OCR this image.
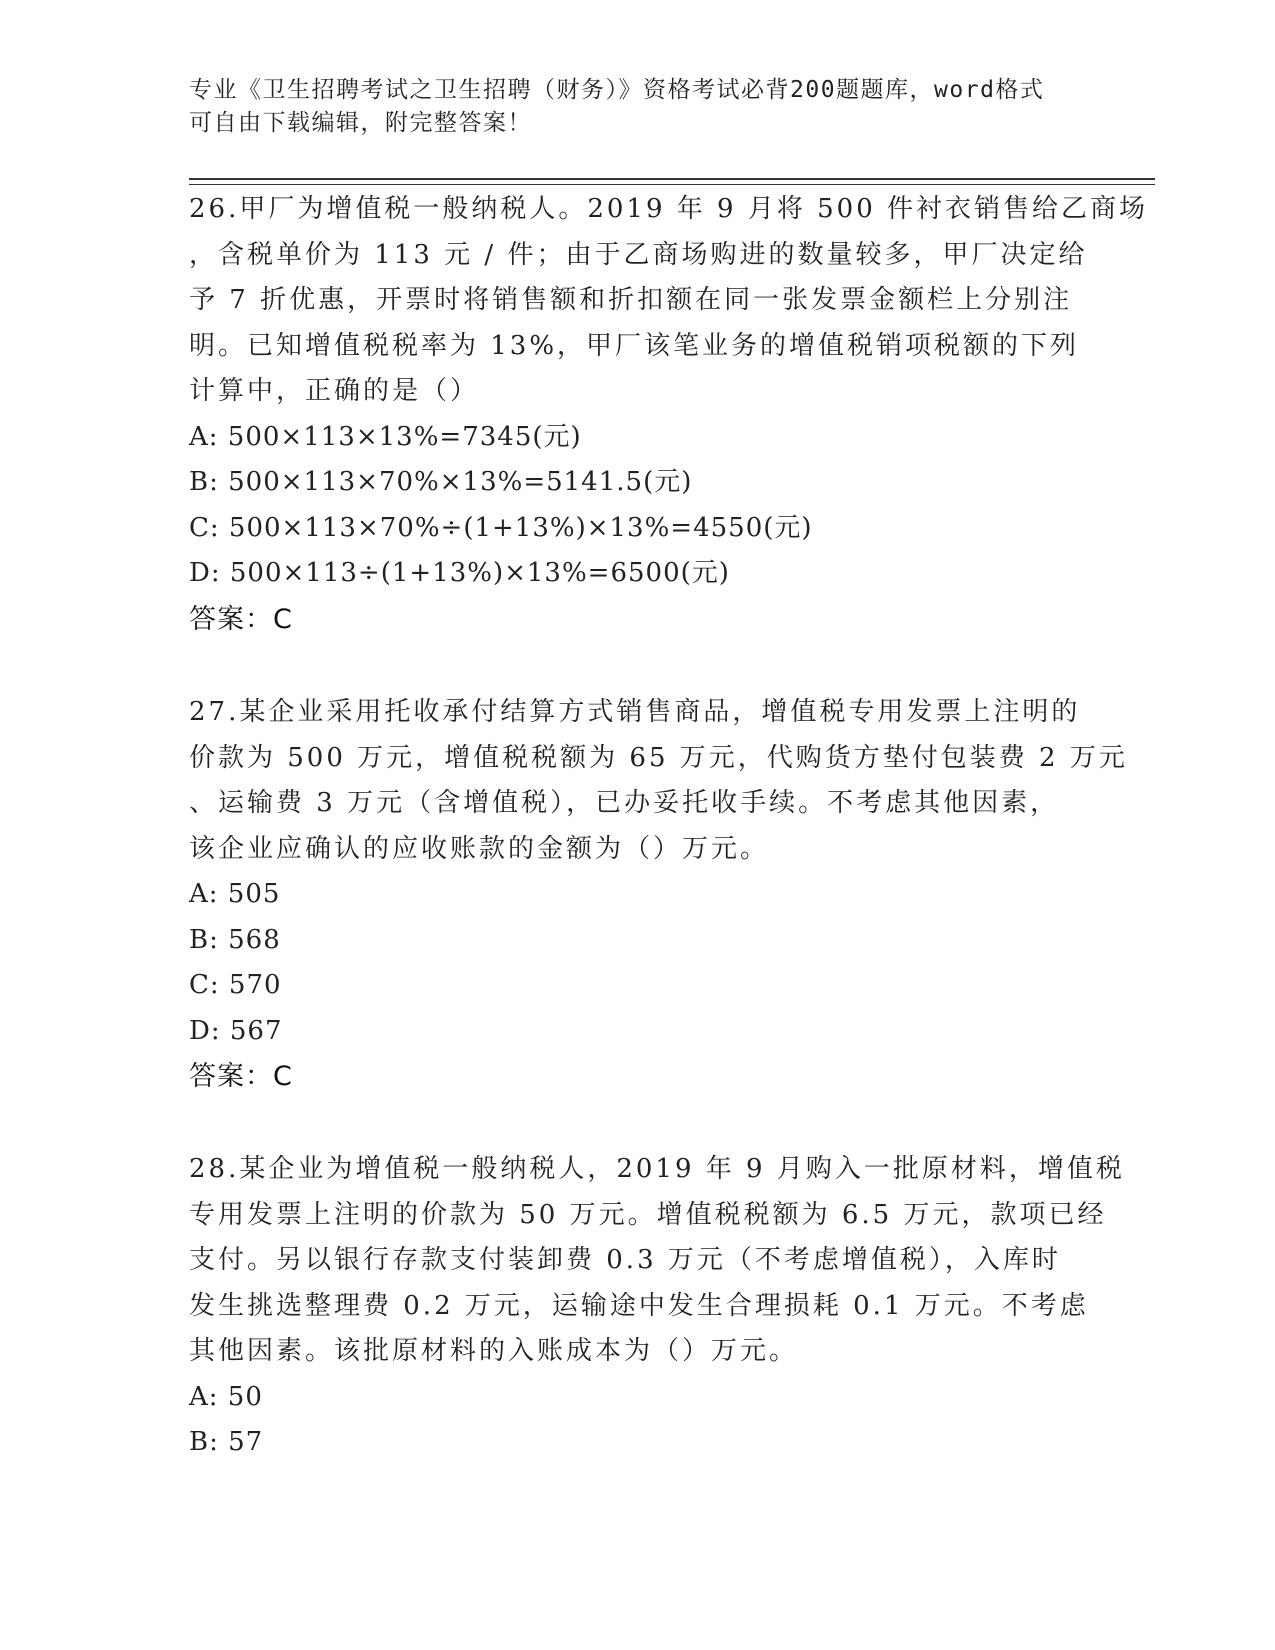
专业《卫生招聘考试之卫生招聘（财务）》资格考试必背200题题库，word格式
可自由下载编辑，附完整答案！
26.甲厂为增值税一般纳税人。2019 年 9 月将 500 件衬衣销售给乙商场
，含税单价为 113 元 / 件；由于乙商场购进的数量较多，甲厂决定给
予 7 折优惠，开票时将销售额和折扣额在同一张发票金额栏上分别注
明。已知增值税税率为 13%，甲厂该笔业务的增值税销项税额的下列
计算中，正确的是（）
A: 500×113×13%=7345(元)
B: 500×113×70%×13%=5141.5(元)
C: 500×113×70%÷(1+13%)×13%=4550(元)
D: 500×113÷(1+13%)×13%=6500(元)
答案：C
27.某企业采用托收承付结算方式销售商品，增值税专用发票上注明的
价款为 500 万元，增值税税额为 65 万元，代购货方垫付包装费 2 万元
、运输费 3 万元（含增值税），已办妥托收手续。不考虑其他因素，
该企业应确认的应收账款的金额为（）万元。
A: 505
B: 568
C: 570
D: 567
答案：C
28.某企业为增值税一般纳税人，2019 年 9 月购入一批原材料，增值税
专用发票上注明的价款为 50 万元。增值税税额为 6.5 万元，款项已经
支付。另以银行存款支付装卸费 0.3 万元（不考虑增值税），入库时
发生挑选整理费 0.2 万元，运输途中发生合理损耗 0.1 万元。不考虑
其他因素。该批原材料的入账成本为（）万元。
A: 50
B: 57
